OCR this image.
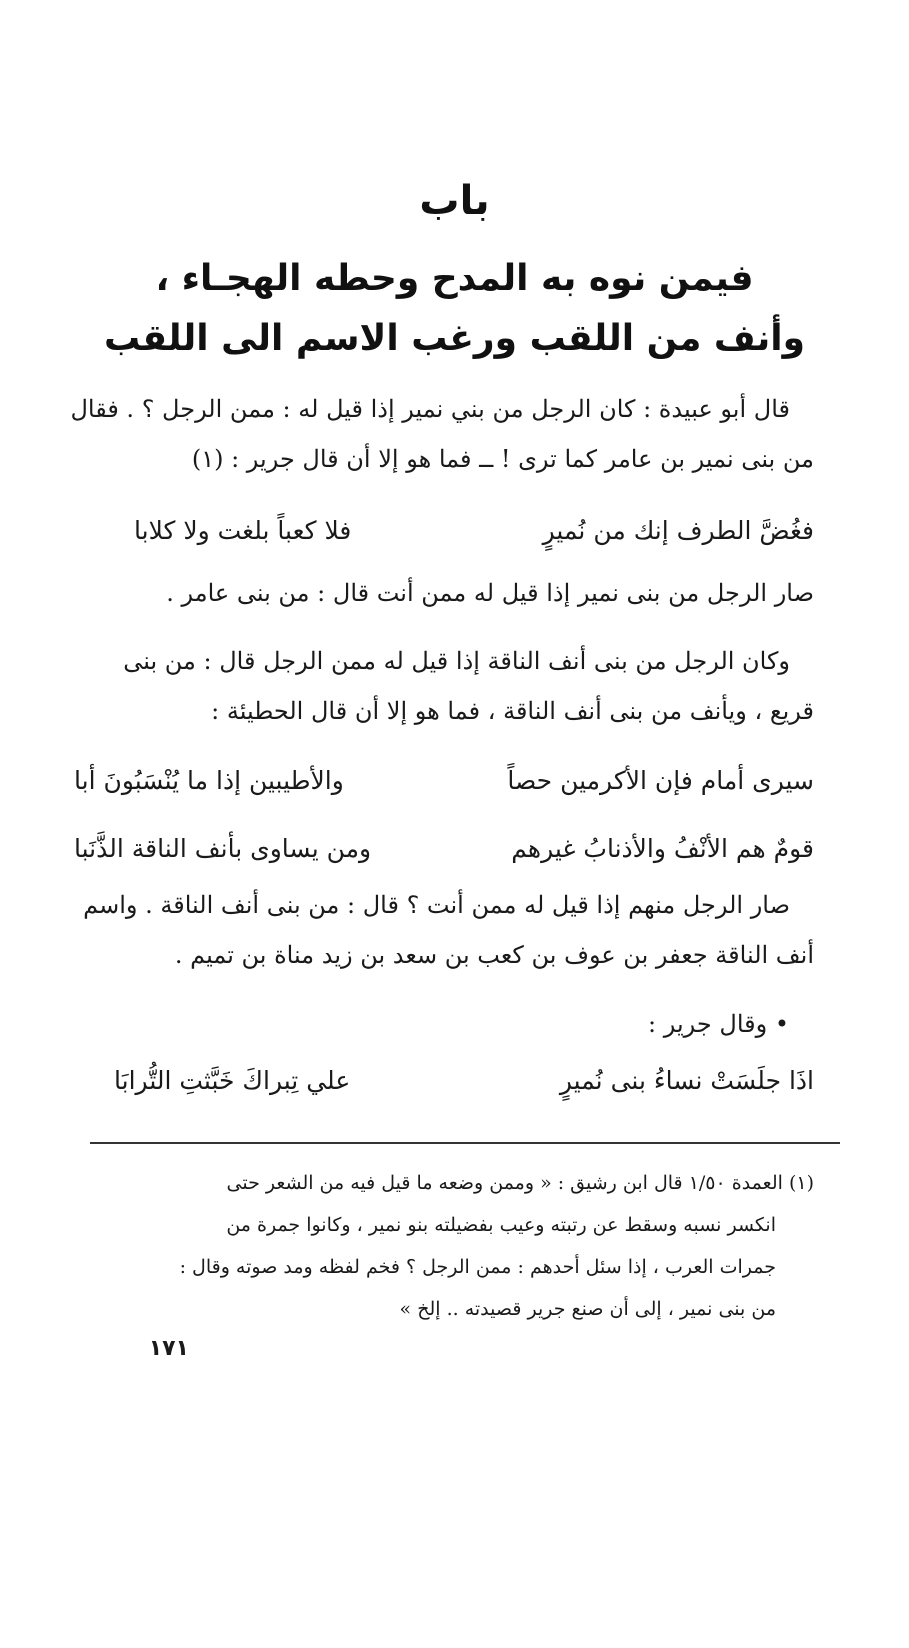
باب
فيمن نوه به المدح وحطه الهجـاء ،
وأنف من اللقب ورغب الاسم الى اللقب
قال أبو عبيدة : كان الرجل من بني نمير إذا قيل له : ممن الرجل ؟ . فقال
من بنى نمير بن عامر كما ترى ! ــ فما هو إلا أن قال جرير : (١)
فغُضَّ الطرف إنك من نُميرٍ
فلا كعباً بلغت ولا كلابا
صار الرجل من بنى نمير إذا قيل له ممن أنت قال : من بنى عامر .
وكان الرجل من بنى أنف الناقة إذا قيل له ممن الرجل قال : من بنى
قريع ، ويأنف من بنى أنف الناقة ، فما هو إلا أن قال الحطيئة :
سيرى أمام فإن الأكرمين حصاً
والأطيبين إذا ما يُنْسَبُونَ أبا
قومٌ هم الأنْفُ والأذنابُ غيرهم
ومن يساوى بأنف الناقة الذَّنَبا
صار الرجل منهم إذا قيل له ممن أنت ؟ قال : من بنى أنف الناقة . واسم
أنف الناقة جعفر بن عوف بن كعب بن سعد بن زيد مناة بن تميم .
• وقال جرير :
اذَا جلَسَتْ نساءُ بنى نُميرٍ
علي تِبراكَ خَبَّثتِ التُّرابَا
(١) العمدة ١/٥٠ قال ابن رشيق : « وممن وضعه ما قيل فيه من الشعر حتى
انكسر نسبه وسقط عن رتبته وعيب بفضيلته بنو نمير ، وكانوا جمرة من
جمرات العرب ، إذا سئل أحدهم : ممن الرجل ؟ فخم لفظه ومد صوته وقال :
من بنى نمير ، إلى أن صنع جرير قصيدته .. إلخ »
١٧١
